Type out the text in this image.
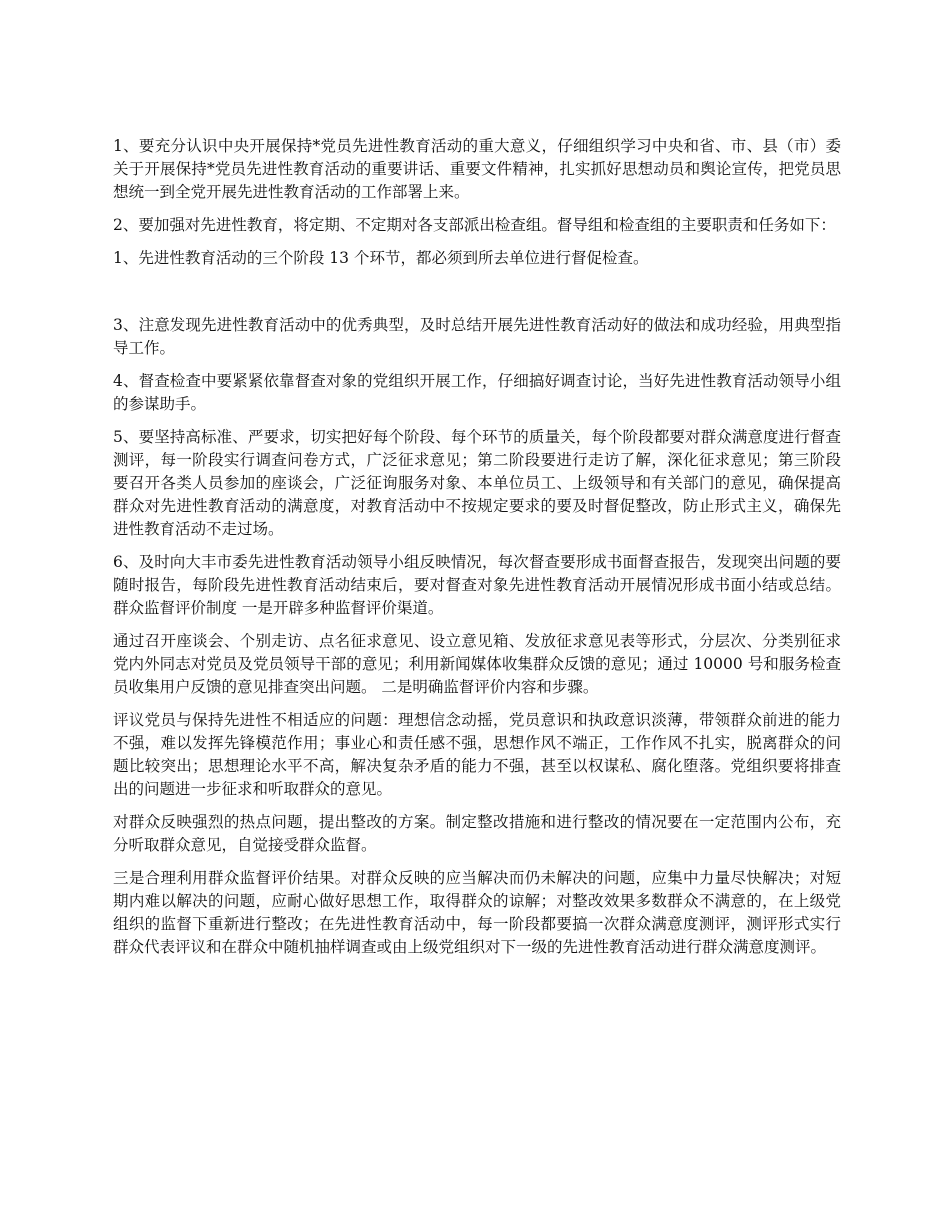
1、要充分认识中央开展保持*党员先进性教育活动的重大意义，仔细组织学习中央和省、市、县（市）委关于开展保持*党员先进性教育活动的重要讲话、重要文件精神，扎实抓好思想动员和舆论宣传，把党员思想统一到全党开展先进性教育活动的工作部署上来。

2、要加强对先进性教育，将定期、不定期对各支部派出检查组。督导组和检查组的主要职责和任务如下：

1、先进性教育活动的三个阶段 13 个环节，都必须到所去单位进行督促检查。

3、注意发现先进性教育活动中的优秀典型，及时总结开展先进性教育活动好的做法和成功经验，用典型指导工作。

4、督查检查中要紧紧依靠督查对象的党组织开展工作，仔细搞好调查讨论，当好先进性教育活动领导小组的参谋助手。

5、要坚持高标准、严要求，切实把好每个阶段、每个环节的质量关，每个阶段都要对群众满意度进行督查测评，每一阶段实行调查问卷方式，广泛征求意见；第二阶段要进行走访了解，深化征求意见；第三阶段要召开各类人员参加的座谈会，广泛征询服务对象、本单位员工、上级领导和有关部门的意见，确保提高群众对先进性教育活动的满意度，对教育活动中不按规定要求的要及时督促整改，防止形式主义，确保先进性教育活动不走过场。

6、及时向大丰市委先进性教育活动领导小组反映情况，每次督查要形成书面督查报告，发现突出问题的要随时报告，每阶段先进性教育活动结束后，要对督查对象先进性教育活动开展情况形成书面小结或总结。 群众监督评价制度 一是开辟多种监督评价渠道。

通过召开座谈会、个别走访、点名征求意见、设立意见箱、发放征求意见表等形式，分层次、分类别征求党内外同志对党员及党员领导干部的意见；利用新闻媒体收集群众反馈的意见；通过 10000 号和服务检查员收集用户反馈的意见排查突出问题。 二是明确监督评价内容和步骤。

评议党员与保持先进性不相适应的问题：理想信念动摇，党员意识和执政意识淡薄，带领群众前进的能力不强，难以发挥先锋模范作用；事业心和责任感不强，思想作风不端正，工作作风不扎实，脱离群众的问题比较突出；思想理论水平不高，解决复杂矛盾的能力不强，甚至以权谋私、腐化堕落。党组织要将排查出的问题进一步征求和听取群众的意见。

对群众反映强烈的热点问题，提出整改的方案。制定整改措施和进行整改的情况要在一定范围内公布，充分听取群众意见，自觉接受群众监督。

三是合理利用群众监督评价结果。对群众反映的应当解决而仍未解决的问题，应集中力量尽快解决；对短期内难以解决的问题，应耐心做好思想工作，取得群众的谅解；对整改效果多数群众不满意的，在上级党组织的监督下重新进行整改；在先进性教育活动中，每一阶段都要搞一次群众满意度测评，测评形式实行群众代表评议和在群众中随机抽样调查或由上级党组织对下一级的先进性教育活动进行群众满意度测评。
